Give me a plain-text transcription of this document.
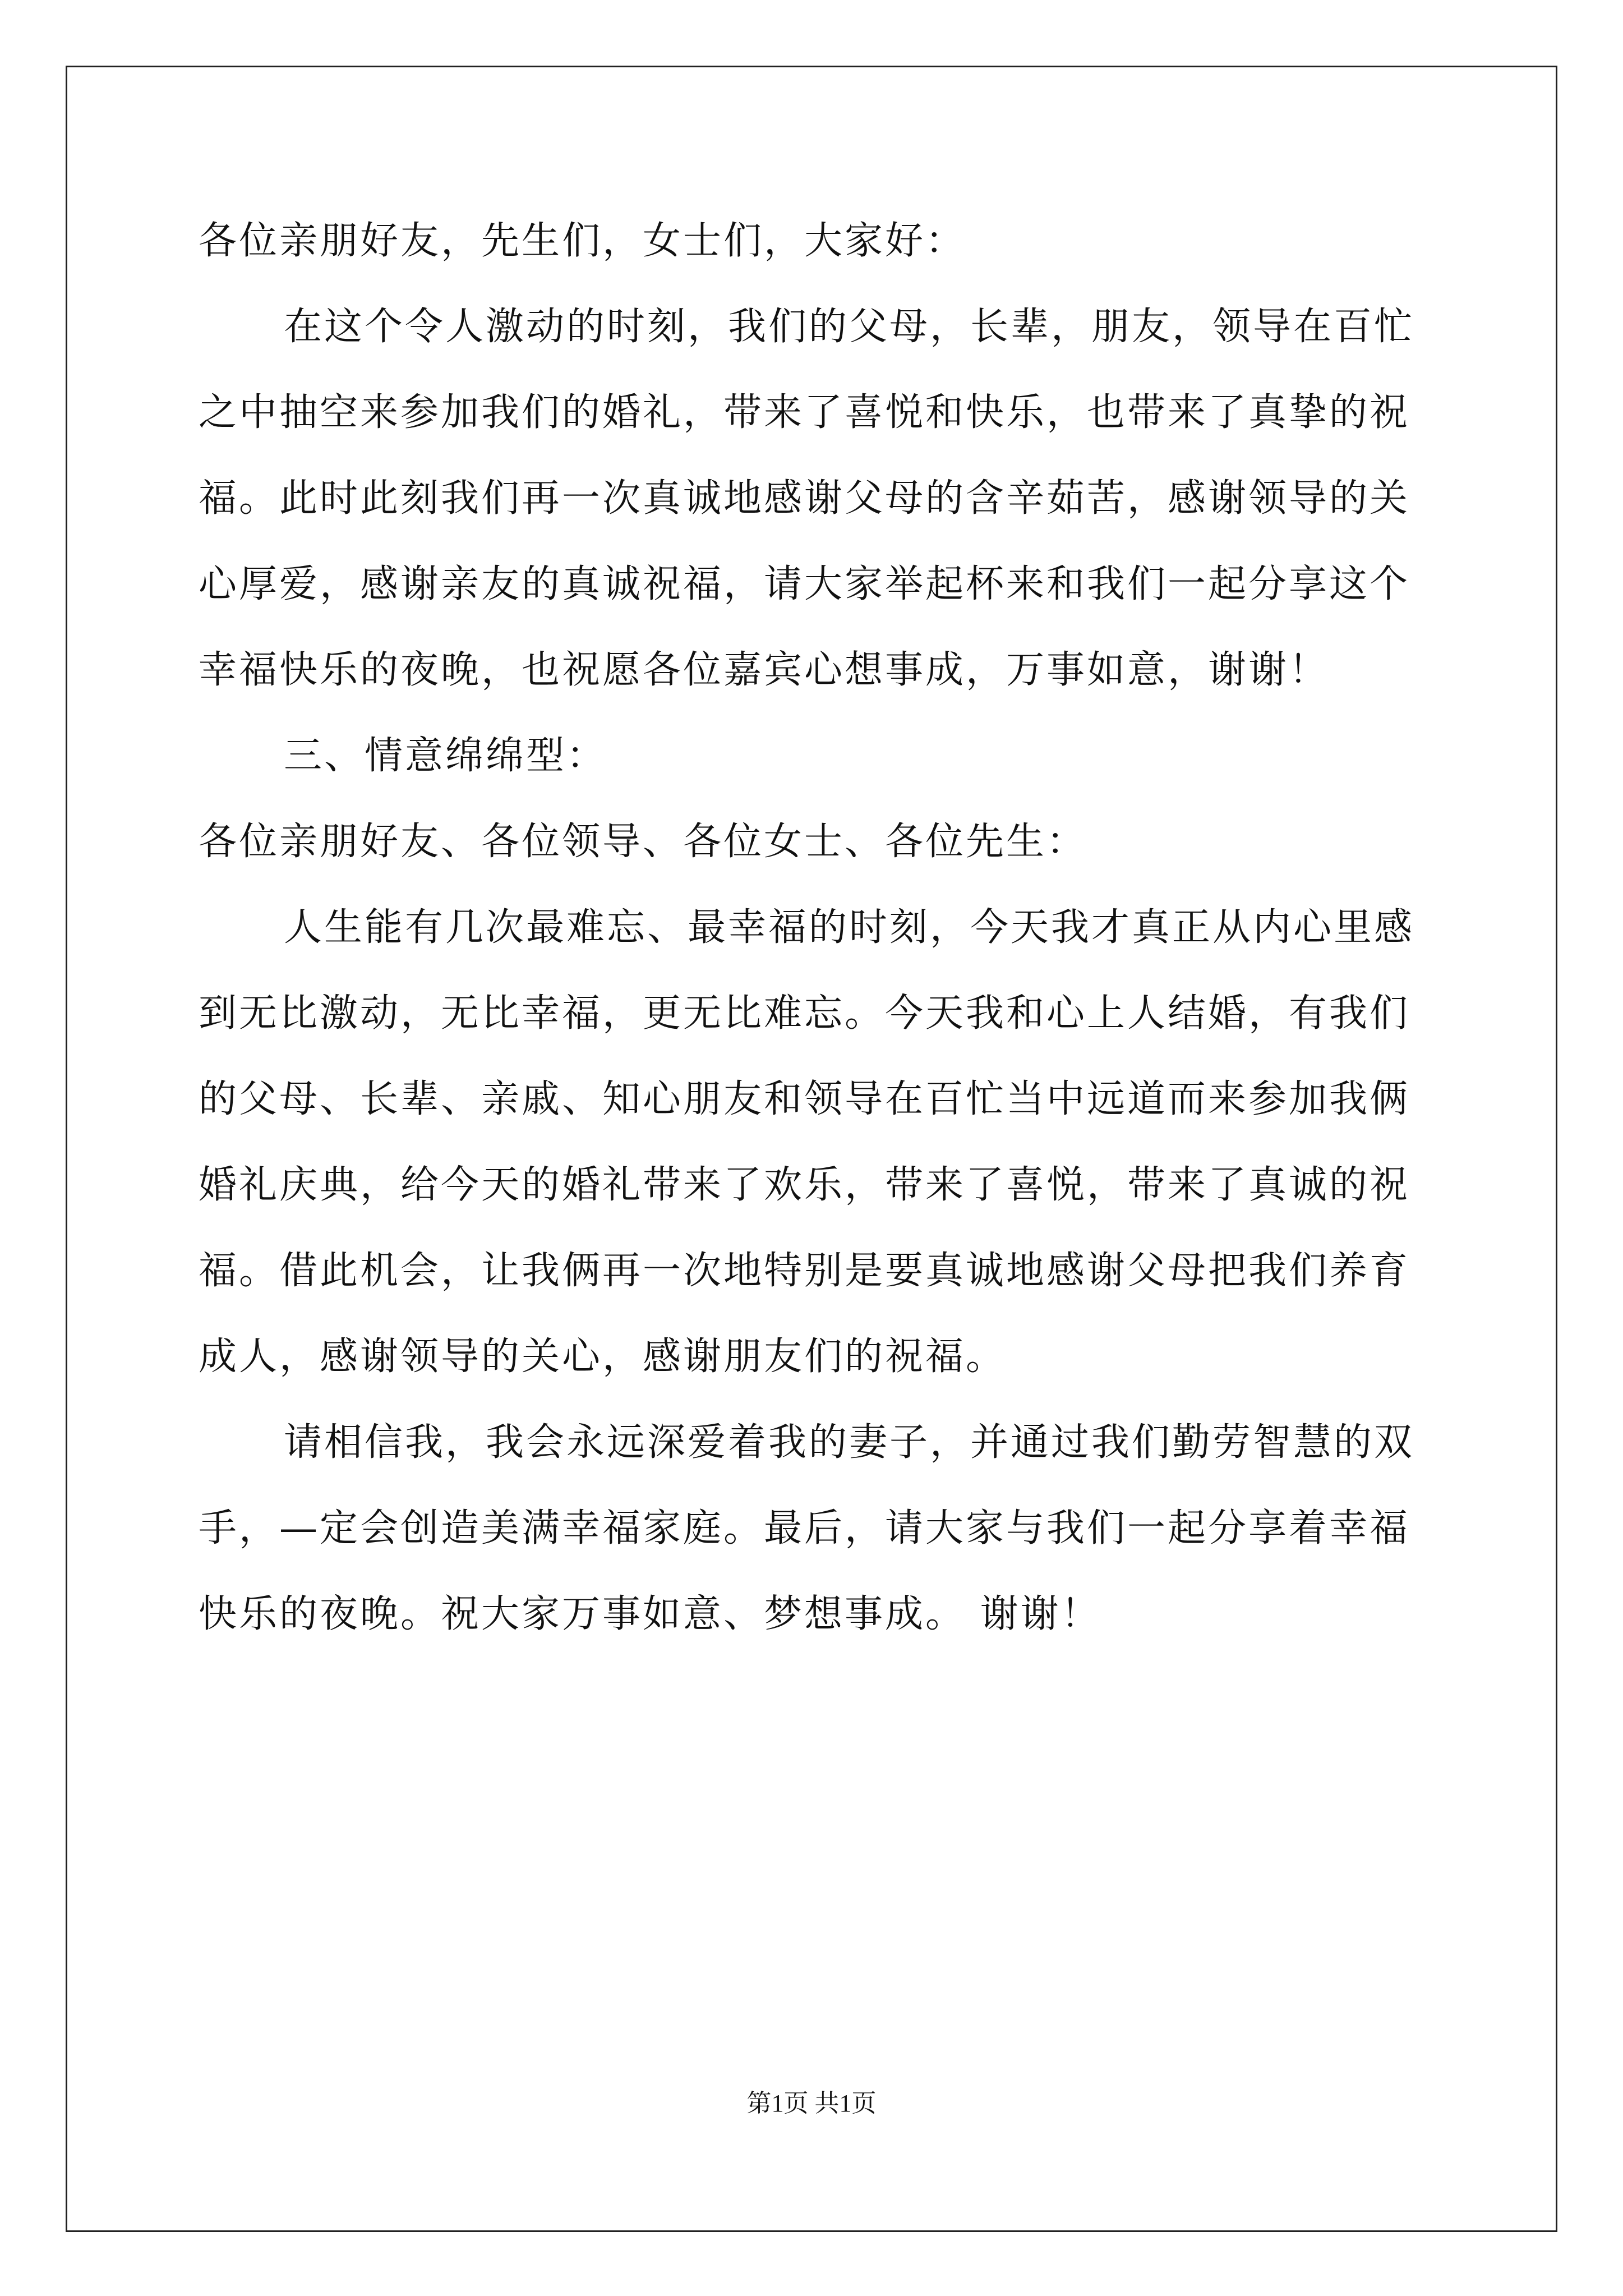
各位亲朋好友，先生们，女士们，大家好：
在这个令人激动的时刻，我们的父母，长辈，朋友，领导在百忙
之中抽空来参加我们的婚礼，带来了喜悦和快乐，也带来了真挚的祝
福。此时此刻我们再一次真诚地感谢父母的含辛茹苦，感谢领导的关
心厚爱，感谢亲友的真诚祝福，请大家举起杯来和我们一起分享这个
幸福快乐的夜晚，也祝愿各位嘉宾心想事成，万事如意，谢谢！
三、情意绵绵型：
各位亲朋好友、各位领导、各位女士、各位先生：
人生能有几次最难忘、最幸福的时刻，今天我才真正从内心里感
到无比激动，无比幸福，更无比难忘。今天我和心上人结婚，有我们
的父母、长辈、亲戚、知心朋友和领导在百忙当中远道而来参加我俩
婚礼庆典，给今天的婚礼带来了欢乐，带来了喜悦，带来了真诚的祝
福。借此机会，让我俩再一次地特别是要真诚地感谢父母把我们养育
成人，感谢领导的关心，感谢朋友们的祝福。
请相信我，我会永远深爱着我的妻子，并通过我们勤劳智慧的双
手，—定会创造美满幸福家庭。最后，请大家与我们一起分享着幸福
快乐的夜晚。祝大家万事如意、梦想事成。 谢谢！
第1页 共1页
